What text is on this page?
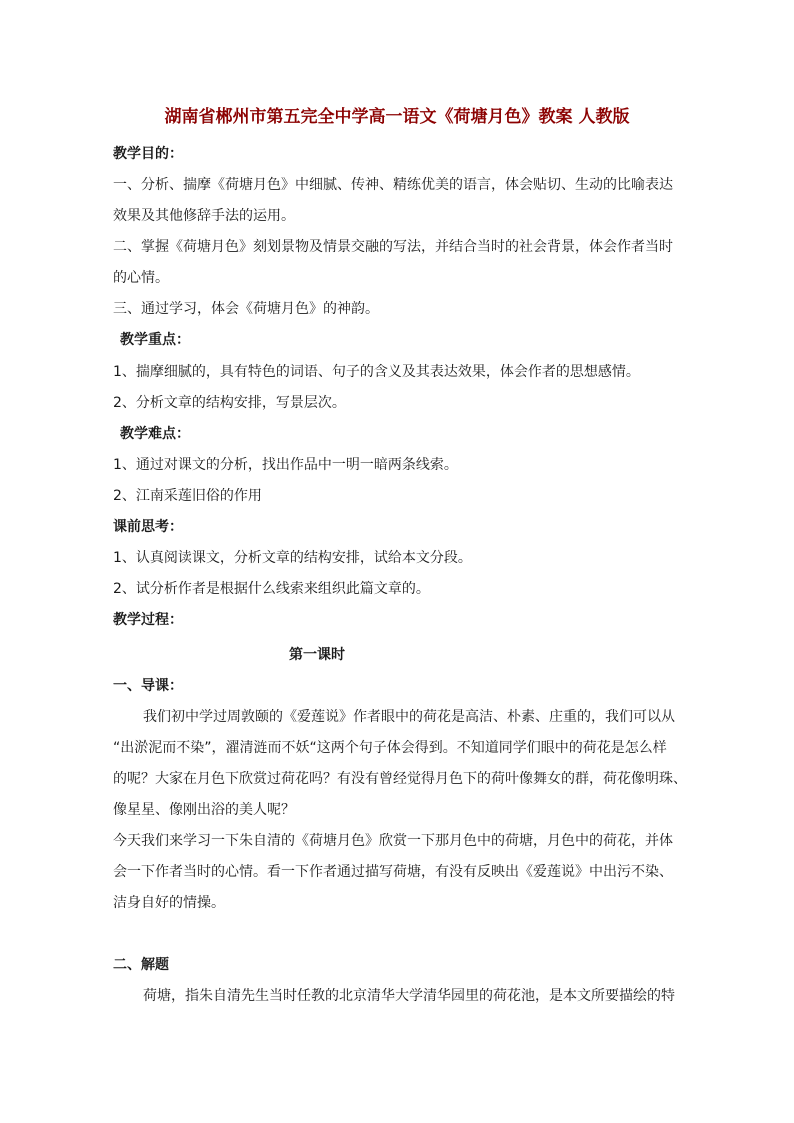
湖南省郴州市第五完全中学高一语文《荷塘月色》教案 人教版
教学目的：
一、分析、揣摩《荷塘月色》中细腻、传神、精练优美的语言，体会贴切、生动的比喻表达
效果及其他修辞手法的运用。
二、掌握《荷塘月色》刻划景物及情景交融的写法，并结合当时的社会背景，体会作者当时
的心情。
三、通过学习，体会《荷塘月色》的神韵。
教学重点：
1、揣摩细腻的，具有特色的词语、句子的含义及其表达效果，体会作者的思想感情。
2、分析文章的结构安排，写景层次。
教学难点：
1、通过对课文的分析，找出作品中一明一暗两条线索。
2、江南采莲旧俗的作用
课前思考：
1、认真阅读课文，分析文章的结构安排，试给本文分段。
2、试分析作者是根据什么线索来组织此篇文章的。
教学过程：
第一课时
一、导课：
我们初中学过周敦颐的《爱莲说》作者眼中的荷花是高洁、朴素、庄重的，我们可以从
“出淤泥而不染”，濯清涟而不妖“这两个句子体会得到。不知道同学们眼中的荷花是怎么样
的呢？大家在月色下欣赏过荷花吗？有没有曾经觉得月色下的荷叶像舞女的群，荷花像明珠、
像星星、像刚出浴的美人呢？
今天我们来学习一下朱自清的《荷塘月色》欣赏一下那月色中的荷塘，月色中的荷花，并体
会一下作者当时的心情。看一下作者通过描写荷塘，有没有反映出《爱莲说》中出污不染、
洁身自好的情操。
二、解题
荷塘，指朱自清先生当时任教的北京清华大学清华园里的荷花池，是本文所要描绘的特
